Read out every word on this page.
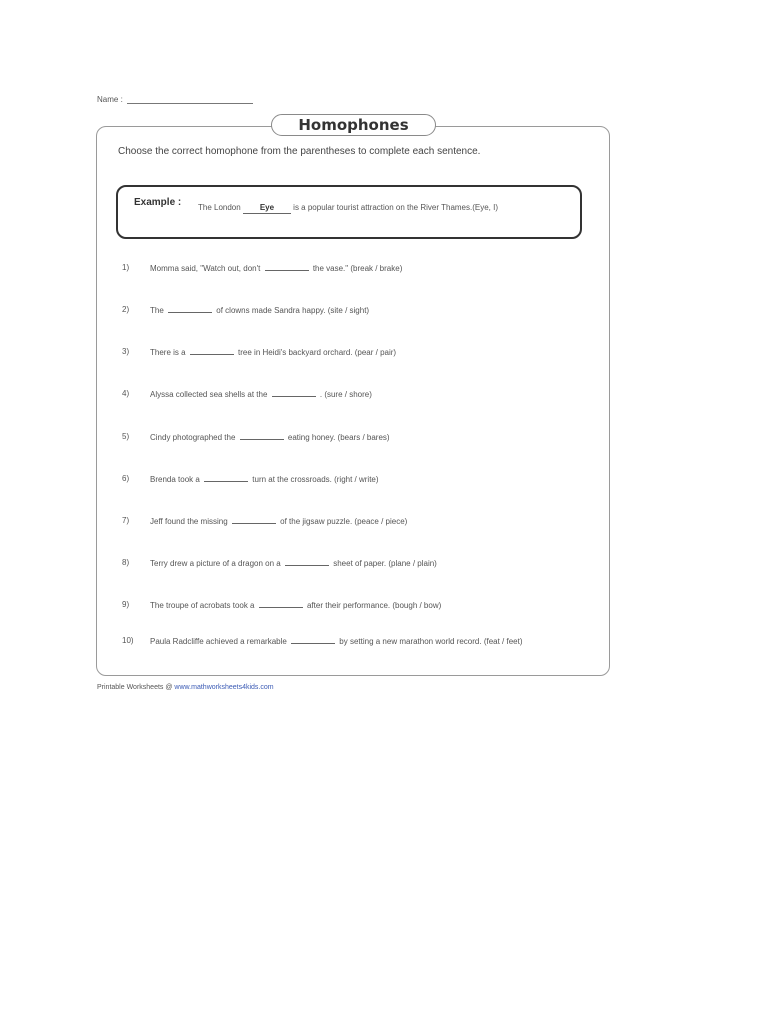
Name :
Homophones
Choose the correct homophone from the parentheses to complete each sentence.
Example : The London Eye is a popular tourist attraction on the River Thames.(Eye, I)
1)	Momma said, "Watch out, don't	the vase." (break / brake)
2)	The	of clowns made Sandra happy. (site / sight)
3)	There is a	tree in Heidi's backyard orchard. (pear / pair)
4)	Alyssa collected sea shells at the	. (sure / shore)
5)	Cindy photographed the	eating honey. (bears / bares)
6)	Brenda took a	turn at the crossroads. (right / write)
7)	Jeff found the missing	of the jigsaw puzzle. (peace / piece)
8)	Terry drew a picture of a dragon on a	sheet of paper. (plane / plain)
9)	The troupe of acrobats took a	after their performance. (bough / bow)
10)	Paula Radcliffe achieved a remarkable	by setting a new marathon world record. (feat / feet)
Printable Worksheets @ www.mathworksheets4kids.com
